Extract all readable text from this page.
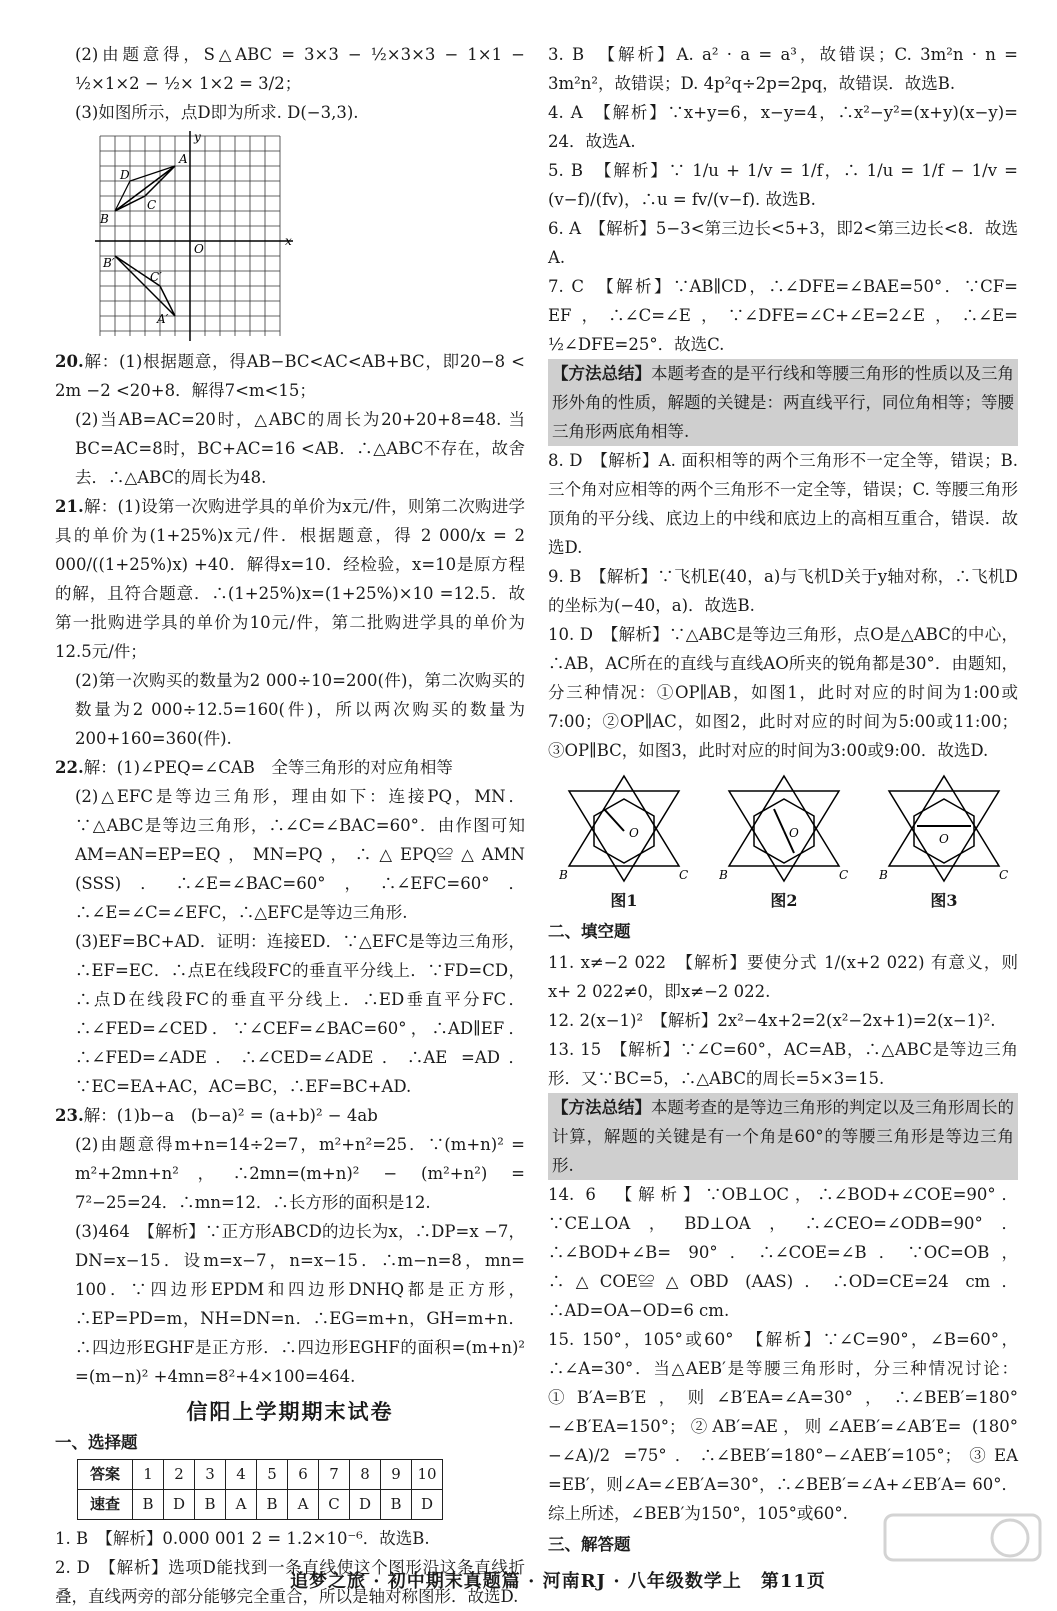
(2)由题意得，S△ABC = 3×3 − ½×3×3 − 1×1 − ½×1×2 − ½× 1×2 = 3/2；

(3)如图所示，点D即为所求. D(−3,3).

D
A
B
C
B′
C′
A′
O
x
y

20.解：(1)根据题意，得AB−BC<AC<AB+BC，即20−8 < 2m −2 <20+8．解得7<m<15；

(2)当AB=AC=20时，△ABC的周长为20+20+8=48. 当BC=AC=8时，BC+AC=16 <AB．∴△ABC不存在，故舍去．∴△ABC的周长为48.

21.解：(1)设第一次购进学具的单价为x元/件，则第二次购进学具的单价为(1+25%)x元/件．根据题意，得 2 000/x = 2 000/((1+25%)x) +40．解得x=10．经检验，x=10是原方程的解，且符合题意．∴(1+25%)x=(1+25%)×10 =12.5．故第一批购进学具的单价为10元/件，第二批购进学具的单价为12.5元/件；

(2)第一次购买的数量为2 000÷10=200(件)，第二次购买的数量为2 000÷12.5=160(件)，所以两次购买的数量为200+160=360(件).

22.解：(1)∠PEQ=∠CAB　全等三角形的对应角相等

(2)△EFC是等边三角形，理由如下：连接PQ，MN．∵△ABC是等边三角形，∴∠C=∠BAC=60°．由作图可知AM=AN=EP=EQ，MN=PQ，∴△EPQ≌△AMN (SSS)．∴∠E=∠BAC=60°，∴∠EFC=60°．∴∠E=∠C=∠EFC，∴△EFC是等边三角形.

(3)EF=BC+AD．证明：连接ED．∵△EFC是等边三角形，∴EF=EC．∴点E在线段FC的垂直平分线上．∵FD=CD，∴点D在线段FC的垂直平分线上．∴ED垂直平分FC．∴∠FED=∠CED．∵∠CEF=∠BAC=60°，∴AD∥EF．∴∠FED=∠ADE．∴∠CED=∠ADE．∴AE =AD．∵EC=EA+AC，AC=BC，∴EF=BC+AD.

23.解：(1)b−a　(b−a)² = (a+b)² − 4ab

(2)由题意得m+n=14÷2=7，m²+n²=25．∵(m+n)² = m²+2mn+n²，∴2mn=(m+n)² − (m²+n²) = 7²−25=24．∴mn=12．∴长方形的面积是12.

(3)464　【解析】∵正方形ABCD的边长为x，∴DP=x −7，DN=x−15．设m=x−7，n=x−15．∴m−n=8，mn= 100．∵四边形EPDM和四边形DNHQ都是正方形，∴EP=PD=m，NH=DN=n．∴EG=m+n，GH=m+n．∴四边形EGHF是正方形．∴四边形EGHF的面积=(m+n)² =(m−n)² +4mn=8²+4×100=464.

信阳上学期期末试卷

一、选择题

答案	1	2	3	4	5	6	7	8	9	10
速查	B	D	B	A	B	A	C	D	B	D

1. B　【解析】0.000 001 2 = 1.2×10⁻⁶．故选B.

2. D　【解析】选项D能找到一条直线使这个图形沿这条直线折叠，直线两旁的部分能够完全重合，所以是轴对称图形．故选D.

3. B　【解析】A. a² · a = a³，故错误；C. 3m²n · n = 3m²n²，故错误；D. 4p²q÷2p=2pq，故错误．故选B.

4. A　【解析】∵x+y=6，x−y=4，∴x²−y²=(x+y)(x−y)= 24．故选A.

5. B　【解析】∵ 1/u + 1/v = 1/f，∴ 1/u = 1/f − 1/v = (v−f)/(fv)，∴u = fv/(v−f). 故选B.

6. A　【解析】5−3<第三边长<5+3，即2<第三边长<8．故选A.

7. C　【解析】∵AB∥CD，∴∠DFE=∠BAE=50°．∵CF= EF，∴∠C=∠E，∵∠DFE=∠C+∠E=2∠E，∴∠E= ½∠DFE=25°．故选C.

【方法总结】本题考查的是平行线和等腰三角形的性质以及三角形外角的性质，解题的关键是：两直线平行，同位角相等；等腰三角形两底角相等.

8. D　【解析】A. 面积相等的两个三角形不一定全等，错误；B. 三个角对应相等的两个三角形不一定全等，错误；C. 等腰三角形顶角的平分线、底边上的中线和底边上的高相互重合，错误．故选D.

9. B　【解析】∵飞机E(40，a)与飞机D关于y轴对称，∴飞机D的坐标为(−40，a)．故选B.

10. D　【解析】∵△ABC是等边三角形，点O是△ABC的中心，∴AB，AC所在的直线与直线AO所夹的锐角都是30°．由题知，分三种情况：①OP∥AB，如图1，此时对应的时间为1:00或7:00；②OP∥AC，如图2，此时对应的时间为5:00或11:00；③OP∥BC，如图3，此时对应的时间为3:00或9:00．故选D.

O
B	C
图1
O
B	C
图2
O
B	C
图3

二、填空题

11. x≠−2 022　【解析】要使分式 1/(x+2 022) 有意义，则x+ 2 022≠0，即x≠−2 022.

12. 2(x−1)²　【解析】2x²−4x+2=2(x²−2x+1)=2(x−1)².

13. 15　【解析】∵∠C=60°，AC=AB，∴△ABC是等边三角形．又∵BC=5，∴△ABC的周长=5×3=15.

【方法总结】本题考查的是等边三角形的判定以及三角形周长的计算，解题的关键是有一个角是60°的等腰三角形是等边三角形.

14. 6　【解析】∵OB⊥OC，∴∠BOD+∠COE=90°．∵CE⊥OA，BD⊥OA，∴∠CEO=∠ODB=90°．∴∠BOD+∠B= 90°．∴∠COE=∠B．∵OC=OB，∴△COE≌△OBD (AAS)．∴OD=CE=24 cm．∴AD=OA−OD=6 cm.

15. 150°，105°或60°　【解析】∵∠C=90°，∠B=60°，∴∠A=30°．当△AEB′是等腰三角形时，分三种情况讨论：①B′A=B′E，则∠B′EA=∠A=30°，∴∠BEB′=180° −∠B′EA=150°；②AB′=AE，则∠AEB′=∠AB′E= (180°−∠A)/2 =75°．∴∠BEB′=180°−∠AEB′=105°；③EA =EB′，则∠A=∠EB′A=30°，∴∠BEB′=∠A+∠EB′A= 60°．综上所述，∠BEB′为150°，105°或60°.

三、解答题

追梦之旅 · 初中期末真题篇 · 河南RJ · 八年级数学上　第11页
